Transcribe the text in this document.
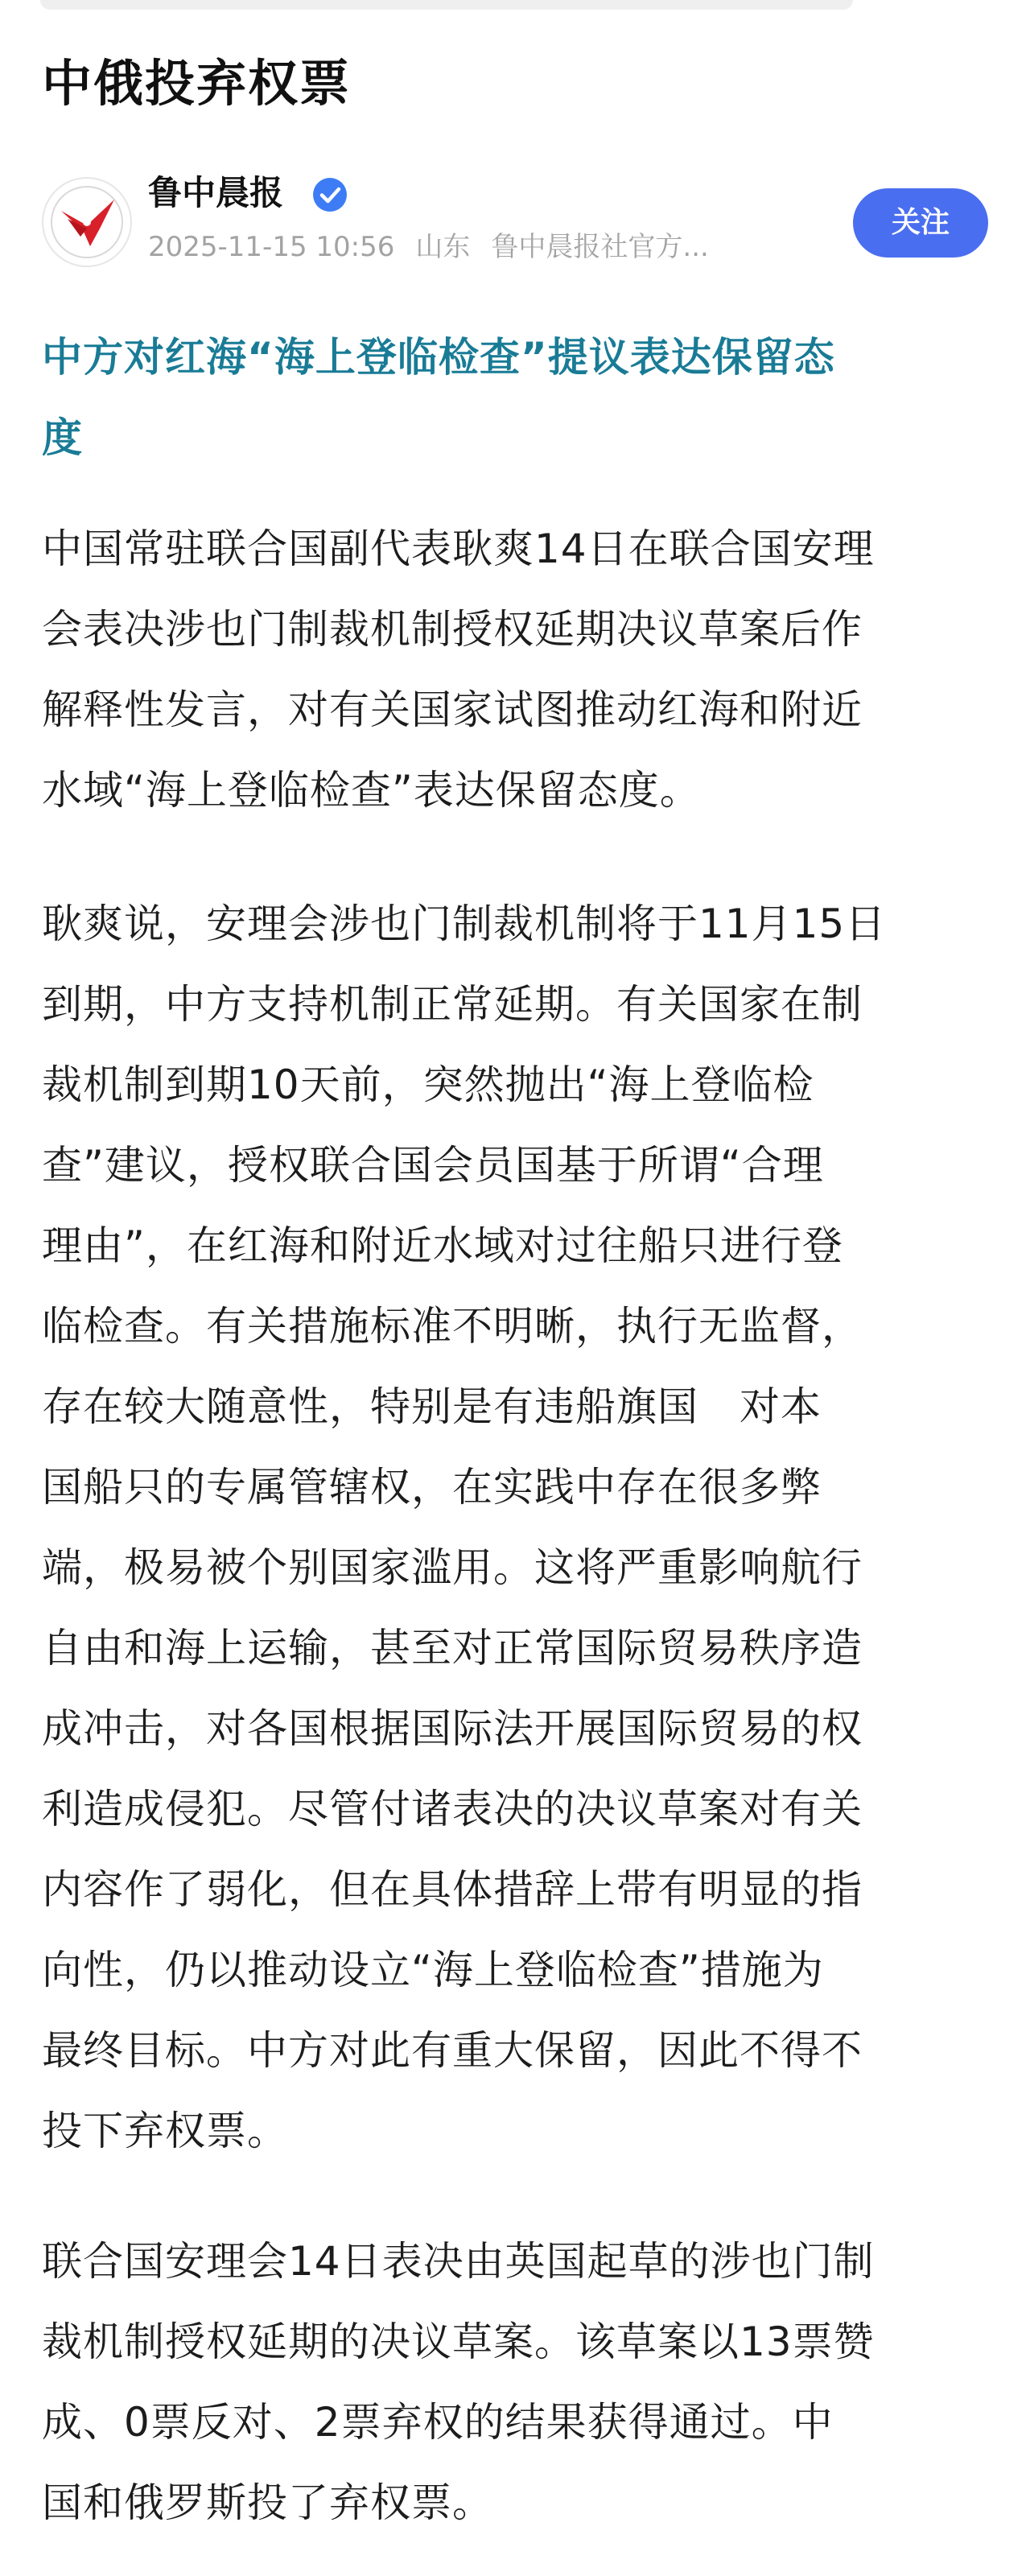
中俄投弃权票
鲁中晨报
2025-11-15 10:56 山东 鲁中晨报社官方...
关注
中方对红海“海上登临检查”提议表达保留态
度
中国常驻联合国副代表耿爽14日在联合国安理
会表决涉也门制裁机制授权延期决议草案后作
解释性发言，对有关国家试图推动红海和附近
水域“海上登临检查”表达保留态度。
耿爽说，安理会涉也门制裁机制将于11月15日
到期，中方支持机制正常延期。有关国家在制
裁机制到期10天前，突然抛出“海上登临检
查”建议，授权联合国会员国基于所谓“合理
理由”，在红海和附近水域对过往船只进行登
临检查。有关措施标准不明晰，执行无监督，
存在较大随意性，特别是有违船旗国　对本
国船只的专属管辖权，在实践中存在很多弊
端，极易被个别国家滥用。这将严重影响航行
自由和海上运输，甚至对正常国际贸易秩序造
成冲击，对各国根据国际法开展国际贸易的权
利造成侵犯。尽管付诸表决的决议草案对有关
内容作了弱化，但在具体措辞上带有明显的指
向性，仍以推动设立“海上登临检查”措施为
最终目标。中方对此有重大保留，因此不得不
投下弃权票。
联合国安理会14日表决由英国起草的涉也门制
裁机制授权延期的决议草案。该草案以13票赞
成、0票反对、2票弃权的结果获得通过。中
国和俄罗斯投了弃权票。
